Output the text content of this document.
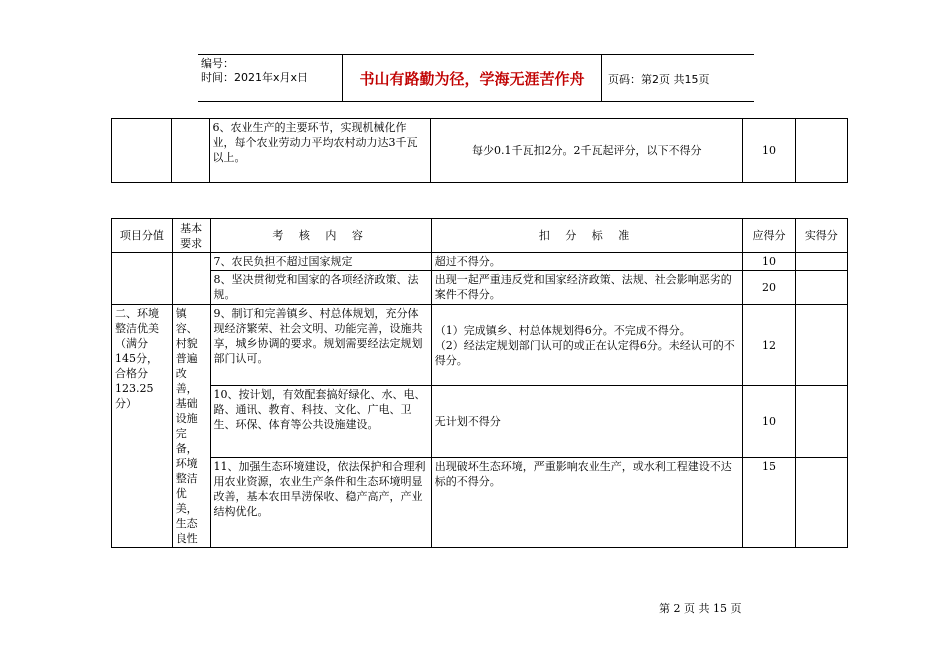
编号：
时间：2021年x月x日	书山有路勤为径，学海无涯苦作舟	页码：第2页 共15页
		6、农业生产的主要环节，实现机械化作业，每个农业劳动力平均农村动力达3千瓦以上。	每少0.1千瓦扣2分。2千瓦起评分，以下不得分	10	
项目分值	基本要求	考 核 内 容	扣 分 标 准	应得分	实得分
		7、农民负担不超过国家规定	超过不得分。	10	
		8、坚决贯彻党和国家的各项经济政策、法规。	出现一起严重违反党和国家经济政策、法规、社会影响恶劣的案件不得分。	20	
二、环境整洁优美（满分145分，合格分123.25分）	镇容、村貌普遍改善，基础设施完备，环境整洁优美，生态良性	9、制订和完善镇乡、村总体规划，充分体现经济繁荣、社会文明、功能完善，设施共享，城乡协调的要求。规划需要经法定规划部门认可。	（1）完成镇乡、村总体规划得6分。不完成不得分。
（2）经法定规划部门认可的或正在认定得6分。未经认可的不得分。	12	
		10、按计划，有效配套搞好绿化、水、电、路、通讯、教育、科技、文化、广电、卫生、环保、体育等公共设施建设。	无计划不得分	10	
		11、加强生态环境建设，依法保护和合理利用农业资源，农业生产条件和生态环境明显改善，基本农田旱涝保收、稳产高产，产业结构优化。	出现破坏生态环境，严重影响农业生产，或水利工程建设不达标的不得分。	15	
第 2 页 共 15 页
